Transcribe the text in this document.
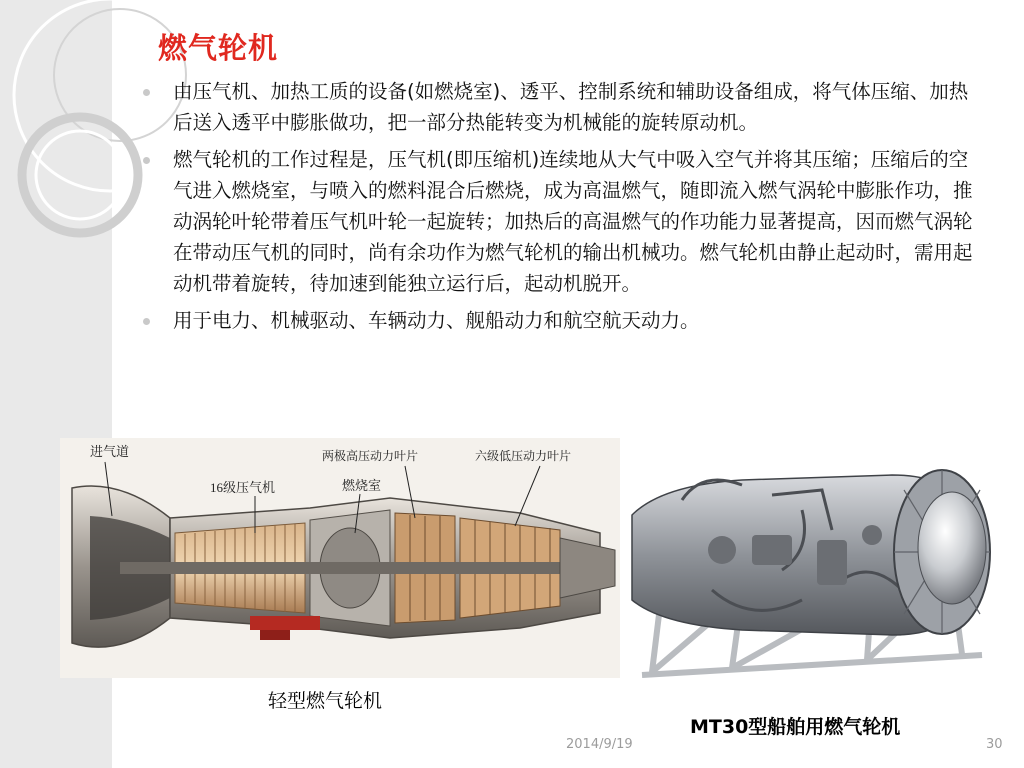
燃气轮机
由压气机、加热工质的设备(如燃烧室)、透平、控制系统和辅助设备组成，将气体压缩、加热后送入透平中膨胀做功，把一部分热能转变为机械能的旋转原动机。
燃气轮机的工作过程是，压气机(即压缩机)连续地从大气中吸入空气并将其压缩；压缩后的空气进入燃烧室，与喷入的燃料混合后燃烧，成为高温燃气，随即流入燃气涡轮中膨胀作功，推动涡轮叶轮带着压气机叶轮一起旋转；加热后的高温燃气的作功能力显著提高，因而燃气涡轮在带动压气机的同时，尚有余功作为燃气轮机的输出机械功。燃气轮机由静止起动时，需用起动机带着旋转，待加速到能独立运行后，起动机脱开。
用于电力、机械驱动、车辆动力、舰船动力和航空航天动力。
进气道
16级压气机
两极高压动力叶片	六级低压动力叶片
燃烧室
轻型燃气轮机
MT30型船舶用燃气轮机
2014/9/19	30
